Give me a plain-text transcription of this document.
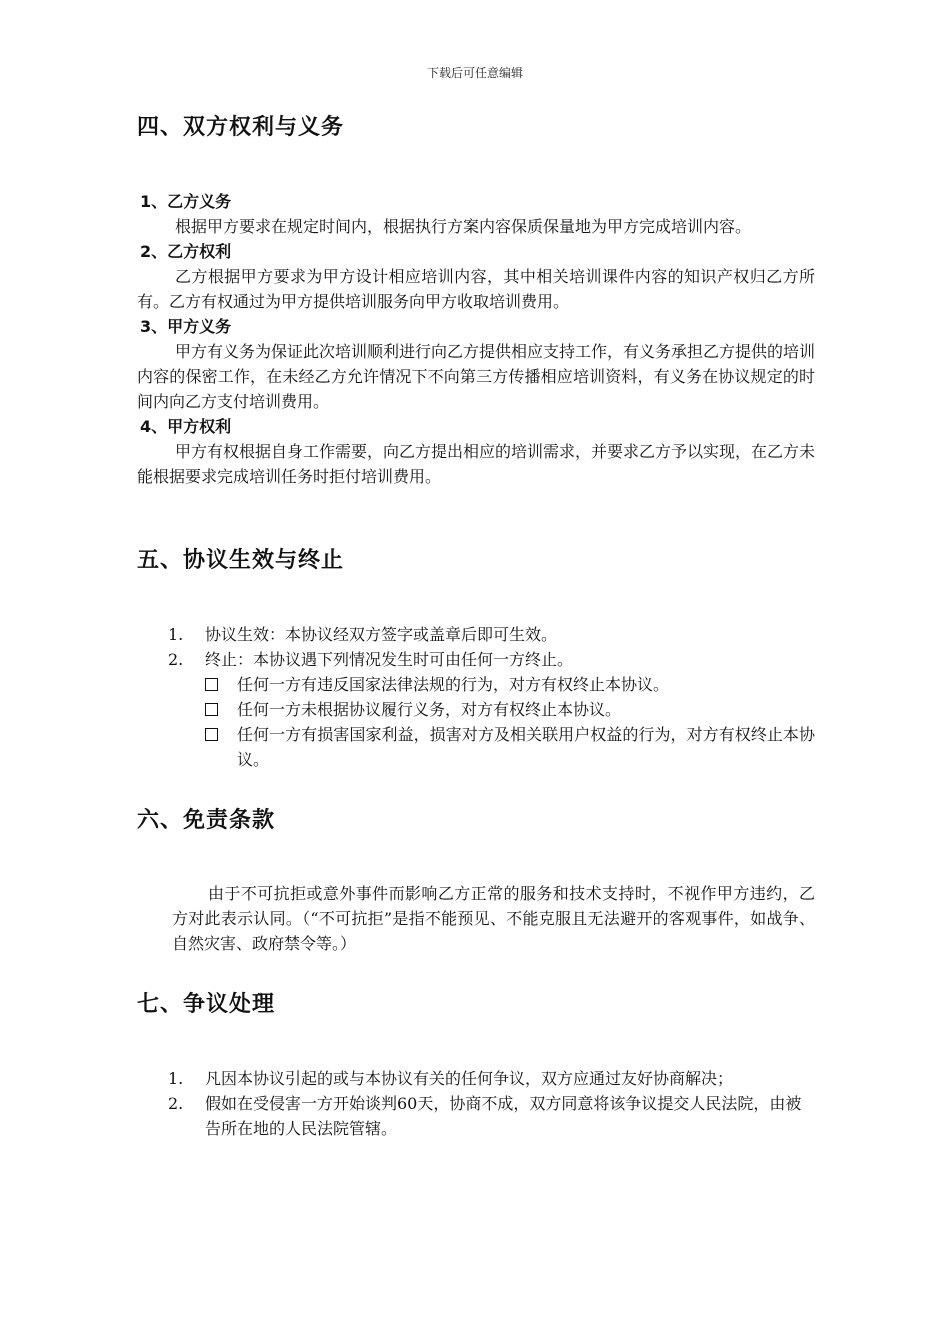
下载后可任意编辑
四、双方权利与义务

1、乙方义务

根据甲方要求在规定时间内，根据执行方案内容保质保量地为甲方完成培训内容。

2、乙方权利

乙方根据甲方要求为甲方设计相应培训内容，其中相关培训课件内容的知识产权归乙方所有。乙方有权通过为甲方提供培训服务向甲方收取培训费用。

3、甲方义务

甲方有义务为保证此次培训顺利进行向乙方提供相应支持工作，有义务承担乙方提供的培训内容的保密工作，在未经乙方允许情况下不向第三方传播相应培训资料，有义务在协议规定的时间内向乙方支付培训费用。

4、甲方权利

甲方有权根据自身工作需要，向乙方提出相应的培训需求，并要求乙方予以实现，在乙方未能根据要求完成培训任务时拒付培训费用。

五、协议生效与终止
1. 协议生效：本协议经双方签字或盖章后即可生效。
2. 终止：本协议遇下列情况发生时可由任何一方终止。
任何一方有违反国家法律法规的行为，对方有权终止本协议。
任何一方未根据协议履行义务，对方有权终止本协议。
任何一方有损害国家利益，损害对方及相关联用户权益的行为，对方有权终止本协议。
六、免责条款

由于不可抗拒或意外事件而影响乙方正常的服务和技术支持时，不视作甲方违约，乙方对此表示认同。（“不可抗拒”是指不能预见、不能克服且无法避开的客观事件，如战争、自然灾害、政府禁令等。）

七、争议处理
1. 凡因本协议引起的或与本协议有关的任何争议，双方应通过友好协商解决；
2. 假如在受侵害一方开始谈判60天，协商不成，双方同意将该争议提交人民法院，由被告所在地的人民法院管辖。
